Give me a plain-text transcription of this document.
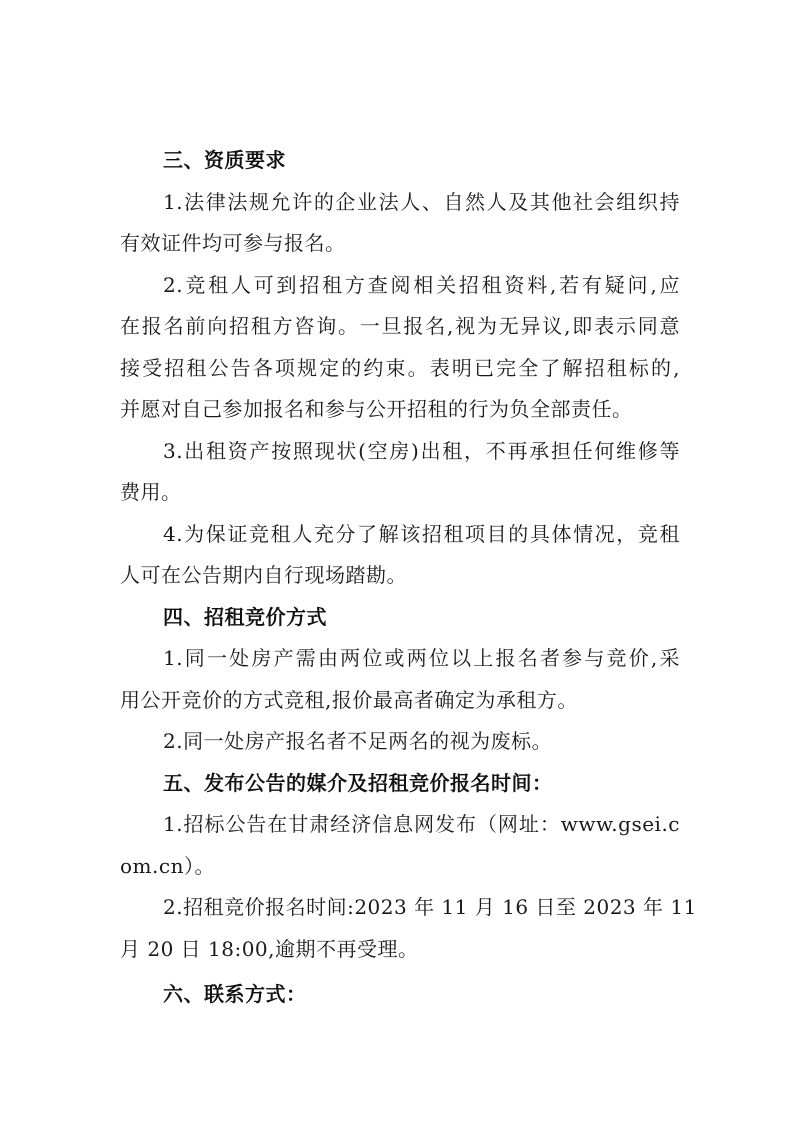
三、资质要求
1.法律法规允许的企业法人、自然人及其他社会组织持
有效证件均可参与报名。
2.竞租人可到招租方查阅相关招租资料,若有疑问,应
在报名前向招租方咨询。一旦报名,视为无异议,即表示同意
接受招租公告各项规定的约束。表明已完全了解招租标的,
并愿对自己参加报名和参与公开招租的行为负全部责任。
3.出租资产按照现状(空房)出租，不再承担任何维修等
费用。
4.为保证竞租人充分了解该招租项目的具体情况，竞租
人可在公告期内自行现场踏勘。
四、招租竞价方式
1.同一处房产需由两位或两位以上报名者参与竞价,采
用公开竞价的方式竞租,报价最高者确定为承租方。
2.同一处房产报名者不足两名的视为废标。
五、发布公告的媒介及招租竞价报名时间：
1.招标公告在甘肃经济信息网发布（网址：www.gsei.c
om.cn）。
2.招租竞价报名时间:2023 年 11 月 16 日至 2023 年 11
月 20 日 18:00,逾期不再受理。
六、联系方式：
